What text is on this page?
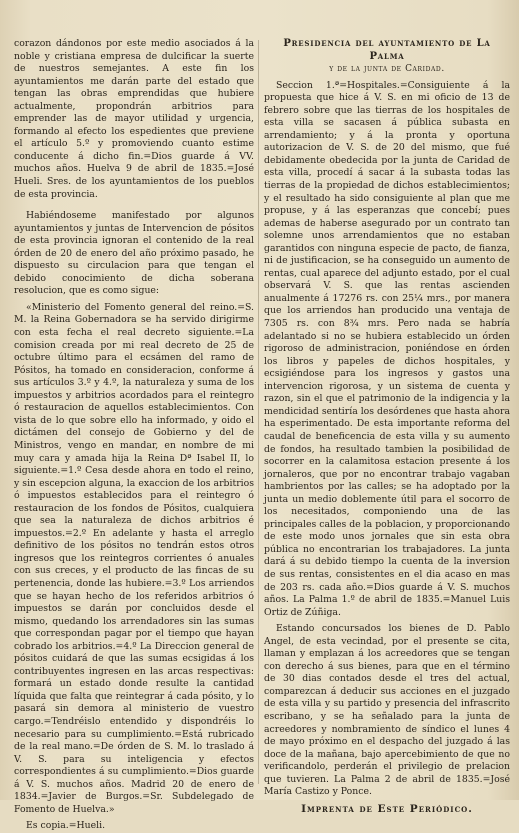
corazon dándonos por este medio asociados á la noble y cristiana empresa de dulcificar la suerte de nuestros semejantes. A este fin los ayuntamientos me darán parte del estado que tengan las obras emprendidas que hubiere actualmente, propondrán arbitrios para emprender las de mayor utilidad y urgencia, formando al efecto los espedientes que previene el artículo 5.º y promoviendo cuanto estime conducente á dicho fin.=Dios guarde á VV. muchos años. Huelva 9 de abril de 1835.=José Hueli. Sres. de los ayuntamientos de los pueblos de esta provincia.

Habiéndoseme manifestado por algunos ayuntamientos y juntas de Intervencion de pósitos de esta provincia ignoran el contenido de la real órden de 20 de enero del año próximo pasado, he dispuesto su circulacion para que tengan el debido conocimiento de dicha soberana resolucion, que es como sigue:

«Ministerio del Fomento general del reino.=S. M. la Reina Gobernadora se ha servido dirigirme con esta fecha el real decreto siguiente.=La comision creada por mi real decreto de 25 de octubre último para el ecsámen del ramo de Pósitos, ha tomado en consideracion, conforme á sus artículos 3.º y 4.º, la naturaleza y suma de los impuestos y arbitrios acordados para el reintegro ó restauracion de aquellos establecimientos. Con vista de lo que sobre ello ha informado, y oido el dictámen del consejo de Gobierno y del de Ministros, vengo en mandar, en nombre de mi muy cara y amada hija la Reina Dª Isabel II, lo siguiente.=1.º Cesa desde ahora en todo el reino, y sin escepcion alguna, la exaccion de los arbitrios ó impuestos establecidos para el reintegro ó restauracion de los fondos de Pósitos, cualquiera que sea la naturaleza de dichos arbitrios é impuestos.=2.º En adelante y hasta el arreglo definitivo de los pósitos no tendrán estos otros ingresos que los reintegros corrientes ó anuales con sus creces, y el producto de las fincas de su pertenencia, donde las hubiere.=3.º Los arriendos que se hayan hecho de los referidos arbitrios ó impuestos se darán por concluidos desde el mismo, quedando los arrendadores sin las sumas que correspondan pagar por el tiempo que hayan cobrado los arbitrios.=4.º La Direccion general de pósitos cuidará de que las sumas ecsigidas á los contribuyentes ingresen en las arcas respectivas: formará un estado donde resulte la cantidad líquida que falta que reintegrar á cada pósito, y lo pasará sin demora al ministerio de vuestro cargo.=Tendréislo entendido y dispondréis lo necesario para su cumplimiento.=Está rubricado de la real mano.=De órden de S. M. lo traslado á V. S. para su inteligencia y efectos correspondientes á su cumplimiento.=Dios guarde á V. S. muchos años. Madrid 20 de enero de 1834.=Javier de Burgos.=Sr. Subdelegado de Fomento de Huelva.»

Es copia.=Hueli.

Presidencia del ayuntamiento de La Palma
y de la junta de Caridad.

Seccion 1.ª=Hospitales.=Consiguiente á la propuesta que hice á V. S. en mi oficio de 13 de febrero sobre que las tierras de los hospitales de esta villa se sacasen á pública subasta en arrendamiento; y á la pronta y oportuna autorizacion de V. S. de 20 del mismo, que fué debidamente obedecida por la junta de Caridad de esta villa, procedí á sacar á la subasta todas las tierras de la propiedad de dichos establecimientos; y el resultado ha sido consiguiente al plan que me propuse, y á las esperanzas que concebí; pues ademas de haberse asegurado por un contrato tan solemne unos arrendamientos que no estaban garantidos con ninguna especie de pacto, de fianza, ni de justificacion, se ha conseguido un aumento de rentas, cual aparece del adjunto estado, por el cual observará V. S. que las rentas ascienden anualmente á 17276 rs. con 25¼ mrs., por manera que los arriendos han producido una ventaja de 7305 rs. con 8¾ mrs. Pero nada se habría adelantado si no se hubiera establecido un órden rigoroso de administracion, poniéndose en órden los libros y papeles de dichos hospitales, y ecsigiéndose para los ingresos y gastos una intervencion rigorosa, y un sistema de cuenta y razon, sin el que el patrimonio de la indigencia y la mendicidad sentiría los desórdenes que hasta ahora ha esperimentado. De esta importante reforma del caudal de beneficencia de esta villa y su aumento de fondos, ha resultado tambien la posibilidad de socorrer en la calamitosa estacion presente á los jornaleros, que por no encontrar trabajo vagaban hambrientos por las calles; se ha adoptado por la junta un medio doblemente útil para el socorro de los necesitados, componiendo una de las principales calles de la poblacion, y proporcionando de este modo unos jornales que sin esta obra pública no encontrarian los trabajadores. La junta dará á su debido tiempo la cuenta de la inversion de sus rentas, consistentes en el dia acaso en mas de 203 rs. cada año.=Dios guarde á V. S. muchos años. La Palma 1.º de abril de 1835.=Manuel Luis Ortiz de Zúñiga.

Estando concursados los bienes de D. Pablo Angel, de esta vecindad, por el presente se cita, llaman y emplazan á los acreedores que se tengan con derecho á sus bienes, para que en el término de 30 dias contados desde el tres del actual, comparezcan á deducir sus acciones en el juzgado de esta villa y su partido y presencia del infrascrito escribano, y se ha señalado para la junta de acreedores y nombramiento de síndico el lunes 4 de mayo próximo en el despacho del juzgado á las doce de la mañana, bajo apercebimiento de que no verificandolo, perderán el privilegio de prelacion que tuvieren. La Palma 2 de abril de 1835.=José María Castizo y Ponce.

Imprenta de Este Periódico.
